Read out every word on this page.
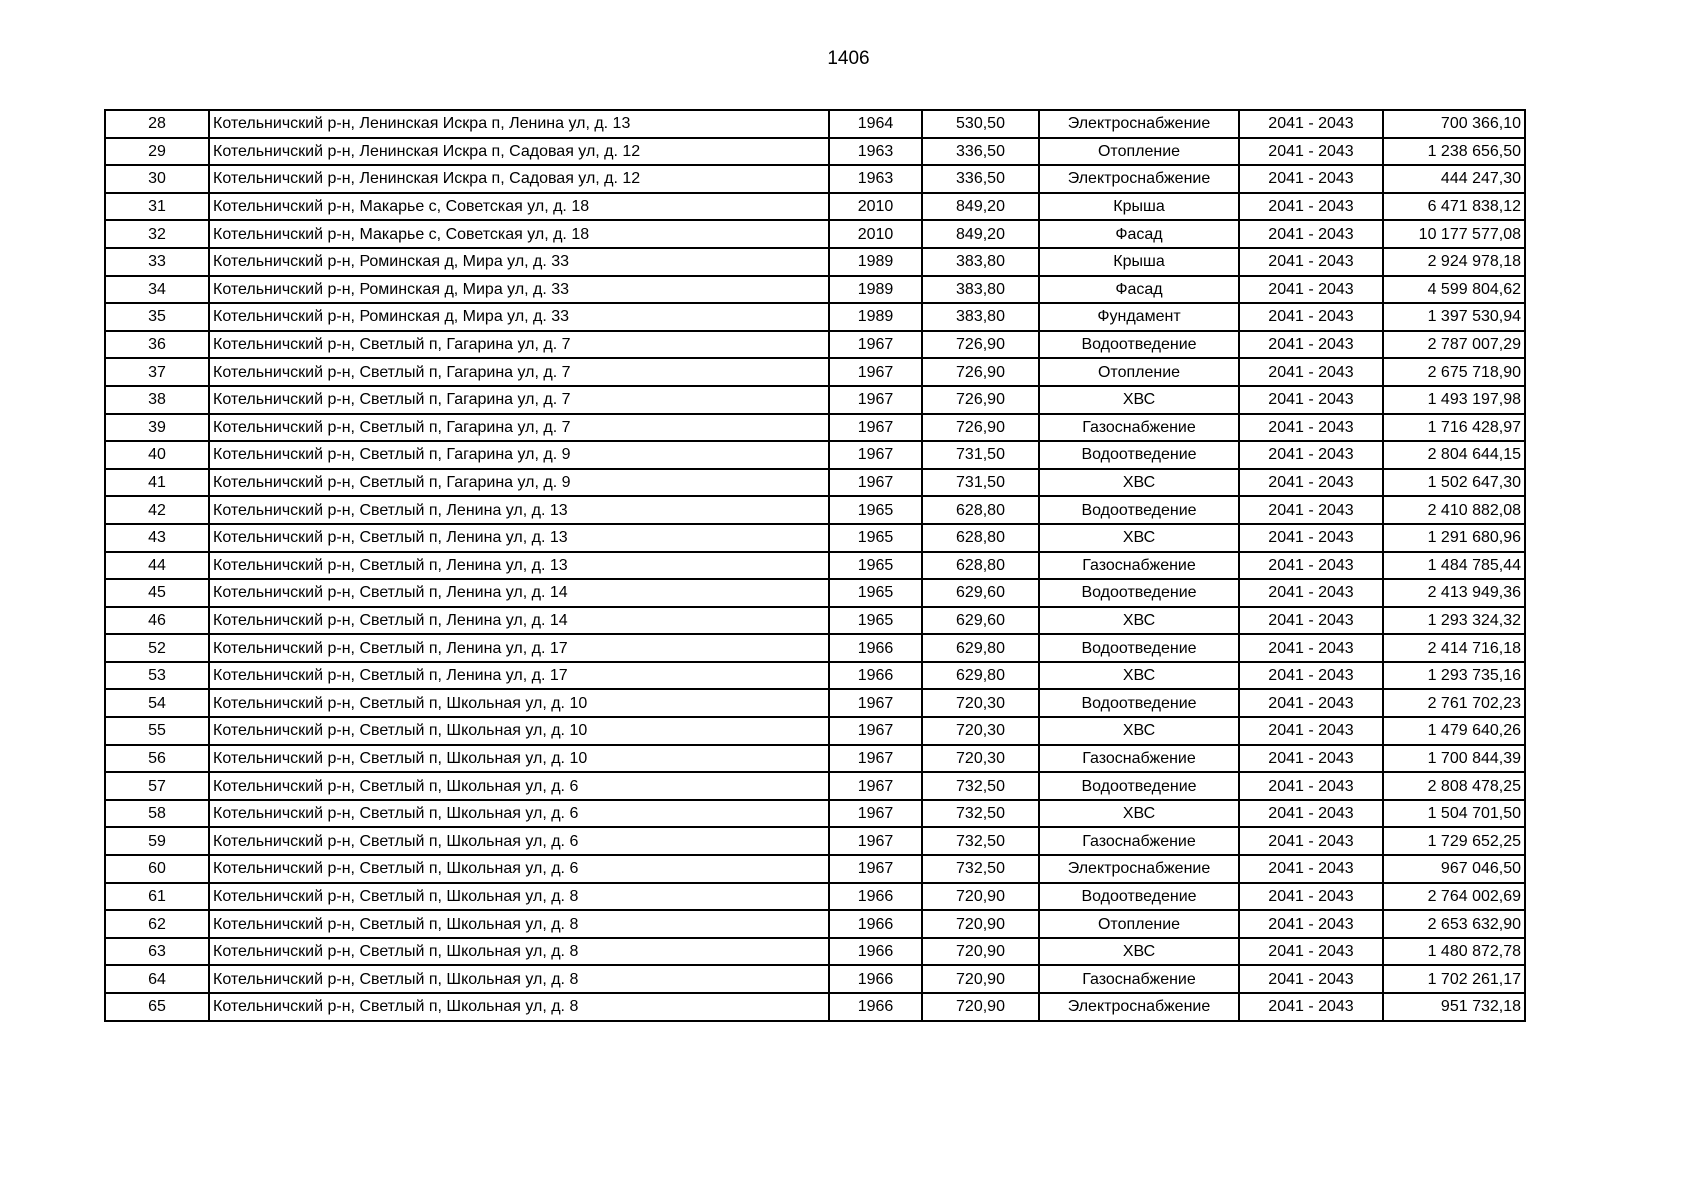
1406
28	Котельничский р-н, Ленинская Искра п, Ленина ул, д. 13	1964	530,50	Электроснабжение	2041 - 2043	700 366,10
29	Котельничский р-н, Ленинская Искра п, Садовая ул, д. 12	1963	336,50	Отопление	2041 - 2043	1 238 656,50
30	Котельничский р-н, Ленинская Искра п, Садовая ул, д. 12	1963	336,50	Электроснабжение	2041 - 2043	444 247,30
31	Котельничский р-н, Макарье с, Советская ул, д. 18	2010	849,20	Крыша	2041 - 2043	6 471 838,12
32	Котельничский р-н, Макарье с, Советская ул, д. 18	2010	849,20	Фасад	2041 - 2043	10 177 577,08
33	Котельничский р-н, Роминская д, Мира ул, д. 33	1989	383,80	Крыша	2041 - 2043	2 924 978,18
34	Котельничский р-н, Роминская д, Мира ул, д. 33	1989	383,80	Фасад	2041 - 2043	4 599 804,62
35	Котельничский р-н, Роминская д, Мира ул, д. 33	1989	383,80	Фундамент	2041 - 2043	1 397 530,94
36	Котельничский р-н, Светлый п, Гагарина ул, д. 7	1967	726,90	Водоотведение	2041 - 2043	2 787 007,29
37	Котельничский р-н, Светлый п, Гагарина ул, д. 7	1967	726,90	Отопление	2041 - 2043	2 675 718,90
38	Котельничский р-н, Светлый п, Гагарина ул, д. 7	1967	726,90	ХВС	2041 - 2043	1 493 197,98
39	Котельничский р-н, Светлый п, Гагарина ул, д. 7	1967	726,90	Газоснабжение	2041 - 2043	1 716 428,97
40	Котельничский р-н, Светлый п, Гагарина ул, д. 9	1967	731,50	Водоотведение	2041 - 2043	2 804 644,15
41	Котельничский р-н, Светлый п, Гагарина ул, д. 9	1967	731,50	ХВС	2041 - 2043	1 502 647,30
42	Котельничский р-н, Светлый п, Ленина ул, д. 13	1965	628,80	Водоотведение	2041 - 2043	2 410 882,08
43	Котельничский р-н, Светлый п, Ленина ул, д. 13	1965	628,80	ХВС	2041 - 2043	1 291 680,96
44	Котельничский р-н, Светлый п, Ленина ул, д. 13	1965	628,80	Газоснабжение	2041 - 2043	1 484 785,44
45	Котельничский р-н, Светлый п, Ленина ул, д. 14	1965	629,60	Водоотведение	2041 - 2043	2 413 949,36
46	Котельничский р-н, Светлый п, Ленина ул, д. 14	1965	629,60	ХВС	2041 - 2043	1 293 324,32
52	Котельничский р-н, Светлый п, Ленина ул, д. 17	1966	629,80	Водоотведение	2041 - 2043	2 414 716,18
53	Котельничский р-н, Светлый п, Ленина ул, д. 17	1966	629,80	ХВС	2041 - 2043	1 293 735,16
54	Котельничский р-н, Светлый п, Школьная ул, д. 10	1967	720,30	Водоотведение	2041 - 2043	2 761 702,23
55	Котельничский р-н, Светлый п, Школьная ул, д. 10	1967	720,30	ХВС	2041 - 2043	1 479 640,26
56	Котельничский р-н, Светлый п, Школьная ул, д. 10	1967	720,30	Газоснабжение	2041 - 2043	1 700 844,39
57	Котельничский р-н, Светлый п, Школьная ул, д. 6	1967	732,50	Водоотведение	2041 - 2043	2 808 478,25
58	Котельничский р-н, Светлый п, Школьная ул, д. 6	1967	732,50	ХВС	2041 - 2043	1 504 701,50
59	Котельничский р-н, Светлый п, Школьная ул, д. 6	1967	732,50	Газоснабжение	2041 - 2043	1 729 652,25
60	Котельничский р-н, Светлый п, Школьная ул, д. 6	1967	732,50	Электроснабжение	2041 - 2043	967 046,50
61	Котельничский р-н, Светлый п, Школьная ул, д. 8	1966	720,90	Водоотведение	2041 - 2043	2 764 002,69
62	Котельничский р-н, Светлый п, Школьная ул, д. 8	1966	720,90	Отопление	2041 - 2043	2 653 632,90
63	Котельничский р-н, Светлый п, Школьная ул, д. 8	1966	720,90	ХВС	2041 - 2043	1 480 872,78
64	Котельничский р-н, Светлый п, Школьная ул, д. 8	1966	720,90	Газоснабжение	2041 - 2043	1 702 261,17
65	Котельничский р-н, Светлый п, Школьная ул, д. 8	1966	720,90	Электроснабжение	2041 - 2043	951 732,18
